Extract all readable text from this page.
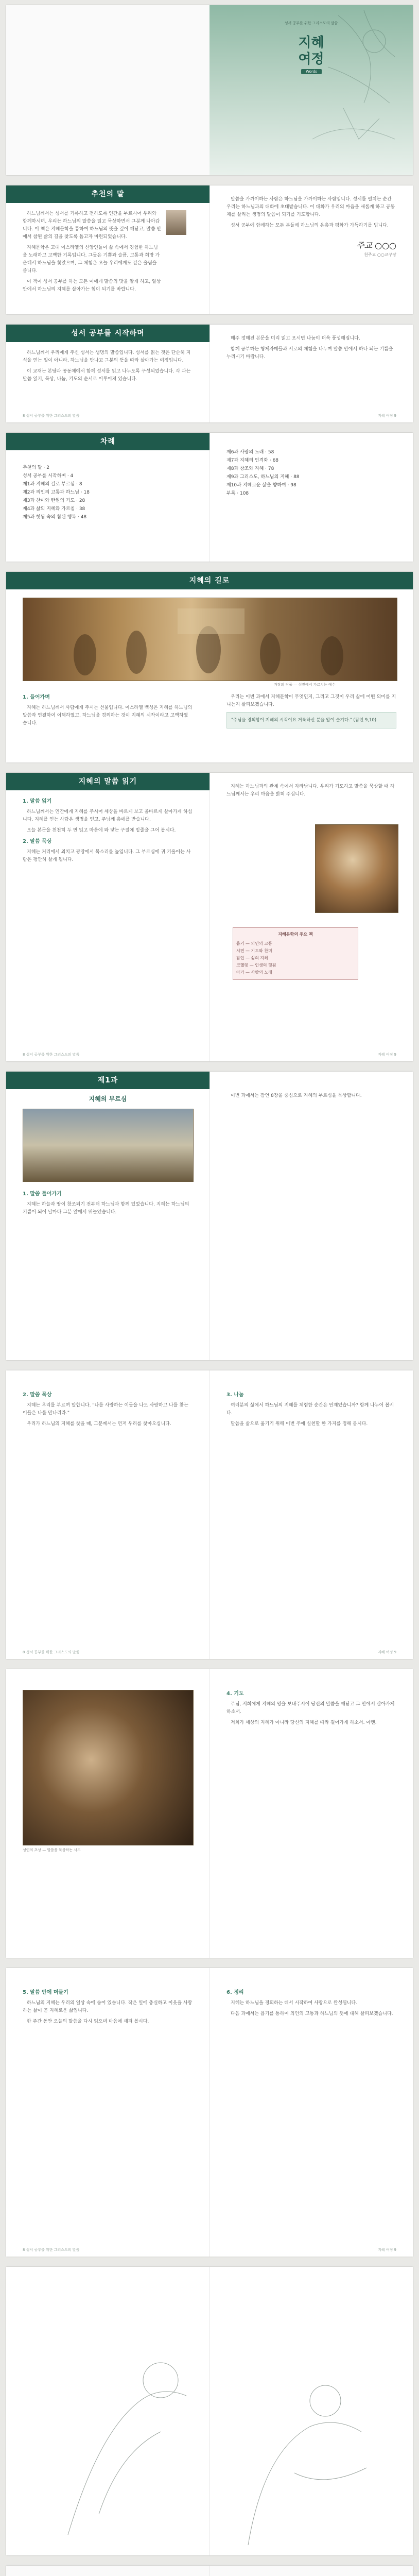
성서 공부를 위한 그리스도의 말씀
지혜
여정
Words
추천의 말

하느님께서는 성서를 기록하고 전하도록 인간을 부르시어 우리와 함께하시며, 우리는 하느님의 말씀을 읽고 묵상하면서 그분께 나아갑니다. 이 책은 지혜문학을 통하여 하느님의 뜻을 깊이 깨닫고, 말씀 안에서 참된 삶의 길을 찾도록 돕고자 마련되었습니다.

지혜문학은 고대 이스라엘의 신앙인들이 삶 속에서 경험한 하느님을 노래하고 고백한 기록입니다. 그들은 기쁨과 슬픔, 고통과 희망 가운데서 하느님을 찾았으며, 그 체험은 오늘 우리에게도 깊은 울림을 줍니다.

이 책이 성서 공부를 하는 모든 이에게 말씀의 맛을 알게 하고, 일상 안에서 하느님의 지혜를 살아가는 힘이 되기를 바랍니다.

말씀을 가까이하는 사람은 하느님을 가까이하는 사람입니다. 성서를 펼치는 순간 우리는 하느님과의 대화에 초대받습니다. 이 대화가 우리의 마음을 새롭게 하고 공동체를 살리는 생명의 말씀이 되기를 기도합니다.

성서 공부에 함께하는 모든 분들께 하느님의 은총과 평화가 가득하기를 빕니다.

주교 ○○○
천주교 ○○교구장
성서 공부를 시작하며

하느님께서 우리에게 주신 성서는 생명의 말씀입니다. 성서를 읽는 것은 단순히 지식을 얻는 일이 아니라, 하느님을 만나고 그분의 뜻을 따라 살아가는 여정입니다.

이 교재는 본당과 공동체에서 함께 성서를 읽고 나누도록 구성되었습니다. 각 과는 말씀 읽기, 묵상, 나눔, 기도의 순서로 이루어져 있습니다.

매주 정해진 본문을 미리 읽고 오시면 나눔이 더욱 풍성해집니다.

함께 공부하는 형제자매들과 서로의 체험을 나누며 말씀 안에서 하나 되는 기쁨을 누리시기 바랍니다.

8 성서 공부를 위한 그리스도의 말씀	지혜 여정 9
차례
추천의 말 · 2
성서 공부를 시작하며 · 4
제1과 지혜의 길로 부르심 · 8
제2과 의인의 고통과 하느님 · 18
제3과 찬미와 탄원의 기도 · 28
제4과 삶의 지혜와 가르침 · 38
제5과 헛됨 속의 참된 행복 · 48
제6과 사랑의 노래 · 58
제7과 지혜의 인격화 · 68
제8과 창조와 지혜 · 78
제9과 그리스도, 하느님의 지혜 · 88
제10과 지혜로운 삶을 향하여 · 98
부록 · 108
지혜의 길로
거장의 작품 — 성전에서 가르치는 예수

1. 들어가며

지혜는 하느님께서 사람에게 주시는 선물입니다. 이스라엘 백성은 지혜를 하느님의 말씀과 연결하여 이해하였고, 하느님을 경외하는 것이 지혜의 시작이라고 고백하였습니다.

우리는 이번 과에서 지혜문학이 무엇인지, 그리고 그것이 우리 삶에 어떤 의미를 지니는지 살펴보겠습니다.

"주님을 경외함이 지혜의 시작이요 거룩하신 분을 앎이 슬기다." (잠언 9,10)
지혜의 말씀 읽기

1. 말씀 읽기

하느님께서는 인간에게 지혜를 주시어 세상을 바르게 보고 올바르게 살아가게 하십니다. 지혜를 얻는 사람은 생명을 얻고, 주님께 총애를 받습니다.

오늘 본문을 천천히 두 번 읽고 마음에 와 닿는 구절에 밑줄을 그어 봅시다.

2. 말씀 묵상

지혜는 거리에서 외치고 광장에서 목소리를 높입니다. 그 부르심에 귀 기울이는 사람은 평안히 살게 됩니다.

지혜는 하느님과의 관계 속에서 자라납니다. 우리가 기도하고 말씀을 묵상할 때 하느님께서는 우리 마음을 밝혀 주십니다.

지혜문학의 주요 책
욥기 — 의인의 고통
시편 — 기도와 찬미
잠언 — 삶의 지혜
코헬렛 — 인생의 헛됨
아가 — 사랑의 노래
8 성서 공부를 위한 그리스도의 말씀	지혜 여정 9
제1과
지혜의 부르심

1. 말씀 들어가기

지혜는 하늘과 땅이 창조되기 전부터 하느님과 함께 있었습니다. 지혜는 하느님의 기쁨이 되어 날마다 그분 앞에서 뛰놀았습니다.

이번 과에서는 잠언 8장을 중심으로 지혜의 부르심을 묵상합니다.

2. 말씀 묵상

지혜는 우리를 부르며 말합니다. "나를 사랑하는 이들을 나도 사랑하고 나를 찾는 이들은 나를 만나리라."

우리가 하느님의 지혜를 찾을 때, 그분께서는 먼저 우리를 찾아오십니다.

3. 나눔

여러분의 삶에서 하느님의 지혜를 체험한 순간은 언제였습니까? 함께 나누어 봅시다.

말씀을 삶으로 옮기기 위해 이번 주에 실천할 한 가지를 정해 봅시다.

8 성서 공부를 위한 그리스도의 말씀	지혜 여정 9
성인의 초상 — 말씀을 묵상하는 사도

4. 기도

주님, 저희에게 지혜의 영을 보내주시어 당신의 말씀을 깨닫고 그 안에서 살아가게 하소서.

저희가 세상의 지혜가 아니라 당신의 지혜를 따라 걸어가게 하소서. 아멘.

5. 말씀 안에 머물기

하느님의 지혜는 우리의 일상 속에 숨어 있습니다. 작은 일에 충실하고 이웃을 사랑하는 삶이 곧 지혜로운 삶입니다.

한 주간 동안 오늘의 말씀을 다시 읽으며 마음에 새겨 봅시다.

6. 정리

지혜는 하느님을 경외하는 데서 시작하여 사랑으로 완성됩니다.

다음 과에서는 욥기를 통하여 의인의 고통과 하느님의 뜻에 대해 살펴보겠습니다.

8 성서 공부를 위한 그리스도의 말씀	지혜 여정 9
